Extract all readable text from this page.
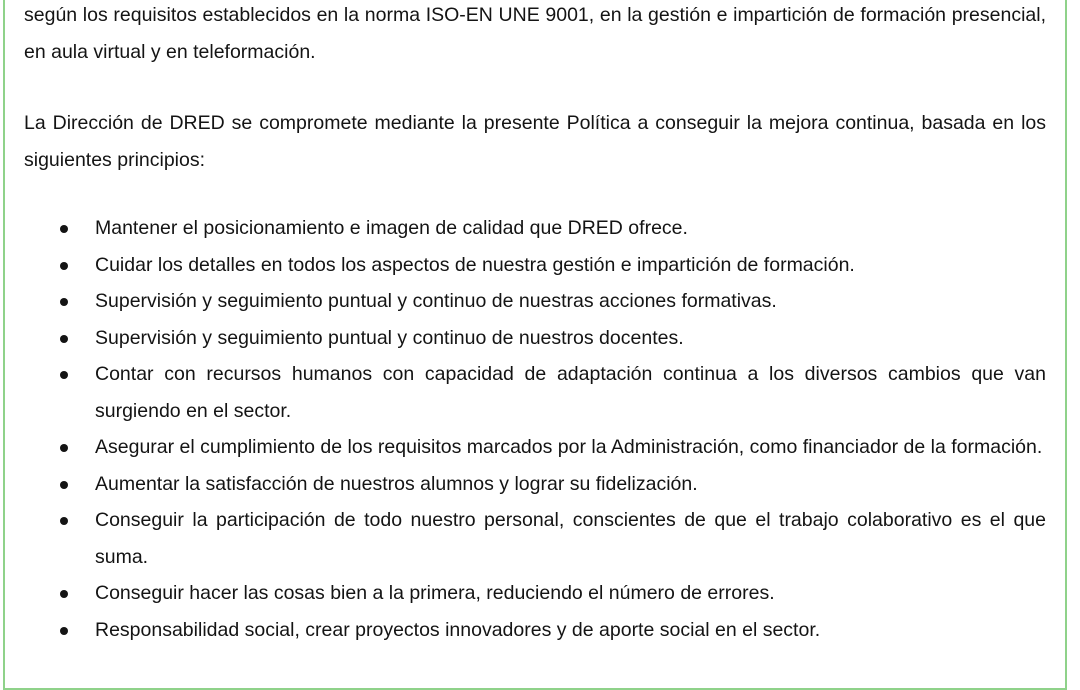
según los requisitos establecidos en la norma ISO-EN UNE 9001, en la gestión e impartición de formación presencial, en aula virtual y en teleformación.

La Dirección de DRED se compromete mediante la presente Política a conseguir la mejora continua, basada en los siguientes principios:

Mantener el posicionamiento e imagen de calidad que DRED ofrece.
Cuidar los detalles en todos los aspectos de nuestra gestión e impartición de formación.
Supervisión y seguimiento puntual y continuo de nuestras acciones formativas.
Supervisión y seguimiento puntual y continuo de nuestros docentes.
Contar con recursos humanos con capacidad de adaptación continua a los diversos cambios que van surgiendo en el sector.
Asegurar el cumplimiento de los requisitos marcados por la Administración, como financiador de la formación.
Aumentar la satisfacción de nuestros alumnos y lograr su fidelización.
Conseguir la participación de todo nuestro personal, conscientes de que el trabajo colaborativo es el que suma.
Conseguir hacer las cosas bien a la primera, reduciendo el número de errores.
Responsabilidad social, crear proyectos innovadores y de aporte social en el sector.
